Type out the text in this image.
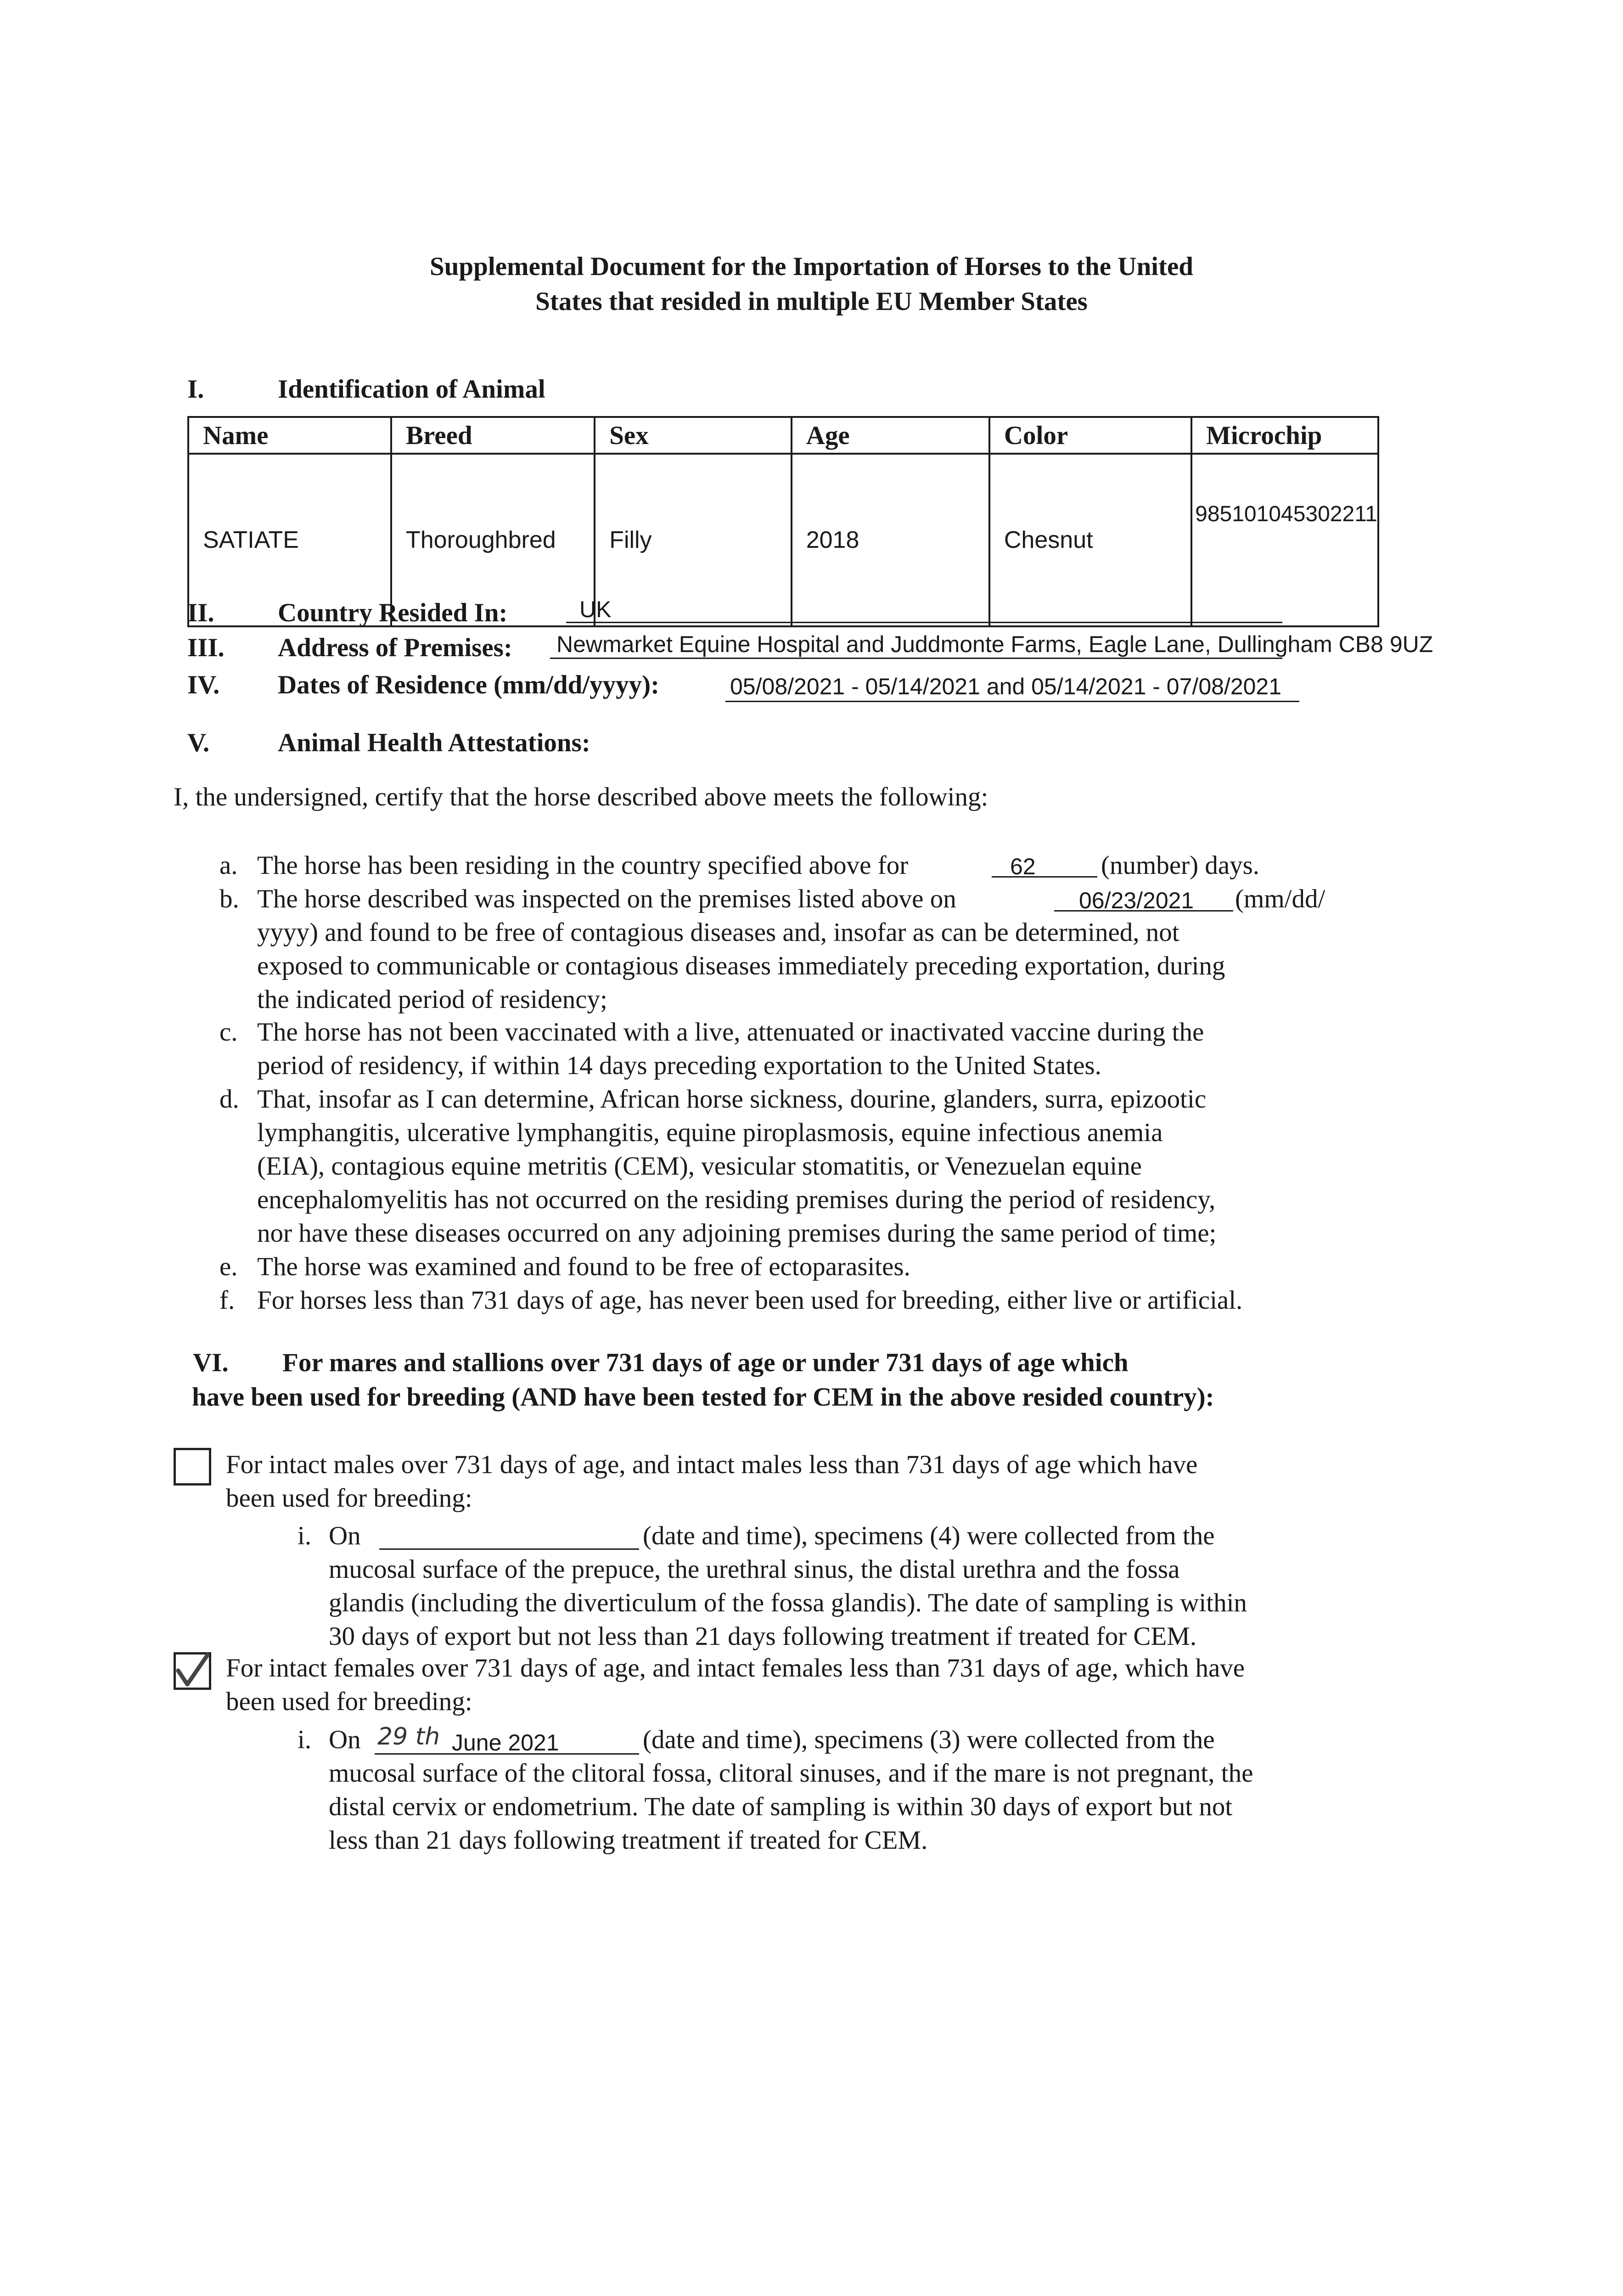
Supplemental Document for the Importation of Horses to the United
States that resided in multiple EU Member States
I.	Identification of Animal
Name	Breed	Sex	Age	Color	Microchip
SATIATE	Thoroughbred	Filly	2018	Chesnut	985101045302211
II. Country Resided In:	UK
III. Address of Premises: Newmarket Equine Hospital and Juddmonte Farms, Eagle Lane, Dullingham CB8 9UZ
IV. Dates of Residence (mm/dd/yyyy):	05/08/2021 - 05/14/2021 and 05/14/2021 - 07/08/2021
V.	Animal Health Attestations:
I, the undersigned, certify that the horse described above meets the following:
a. The horse has been residing in the country specified above for	62 (number) days.
b. The horse described was inspected on the premises listed above on	06/23/2021 (mm/dd/
yyyy) and found to be free of contagious diseases and, insofar as can be determined, not
exposed to communicable or contagious diseases immediately preceding exportation, during
the indicated period of residency;
c. The horse has not been vaccinated with a live, attenuated or inactivated vaccine during the
period of residency, if within 14 days preceding exportation to the United States.
d. That, insofar as I can determine, African horse sickness, dourine, glanders, surra, epizootic
lymphangitis, ulcerative lymphangitis, equine piroplasmosis, equine infectious anemia
(EIA), contagious equine metritis (CEM), vesicular stomatitis, or Venezuelan equine
encephalomyelitis has not occurred on the residing premises during the period of residency,
nor have these diseases occurred on any adjoining premises during the same period of time;
e. The horse was examined and found to be free of ectoparasites.
f. For horses less than 731 days of age, has never been used for breeding, either live or artificial.
VI. For mares and stallions over 731 days of age or under 731 days of age which
have been used for breeding (AND have been tested for CEM in the above resided country):
For intact males over 731 days of age, and intact males less than 731 days of age which have
been used for breeding:
i. On	(date and time), specimens (4) were collected from the
mucosal surface of the prepuce, the urethral sinus, the distal urethra and the fossa
glandis (including the diverticulum of the fossa glandis). The date of sampling is within
30 days of export but not less than 21 days following treatment if treated for CEM.
For intact females over 731 days of age, and intact females less than 731 days of age, which have
been used for breeding:
i. On 29 th June 2021	(date and time), specimens (3) were collected from the
mucosal surface of the clitoral fossa, clitoral sinuses, and if the mare is not pregnant, the
distal cervix or endometrium. The date of sampling is within 30 days of export but not
less than 21 days following treatment if treated for CEM.
